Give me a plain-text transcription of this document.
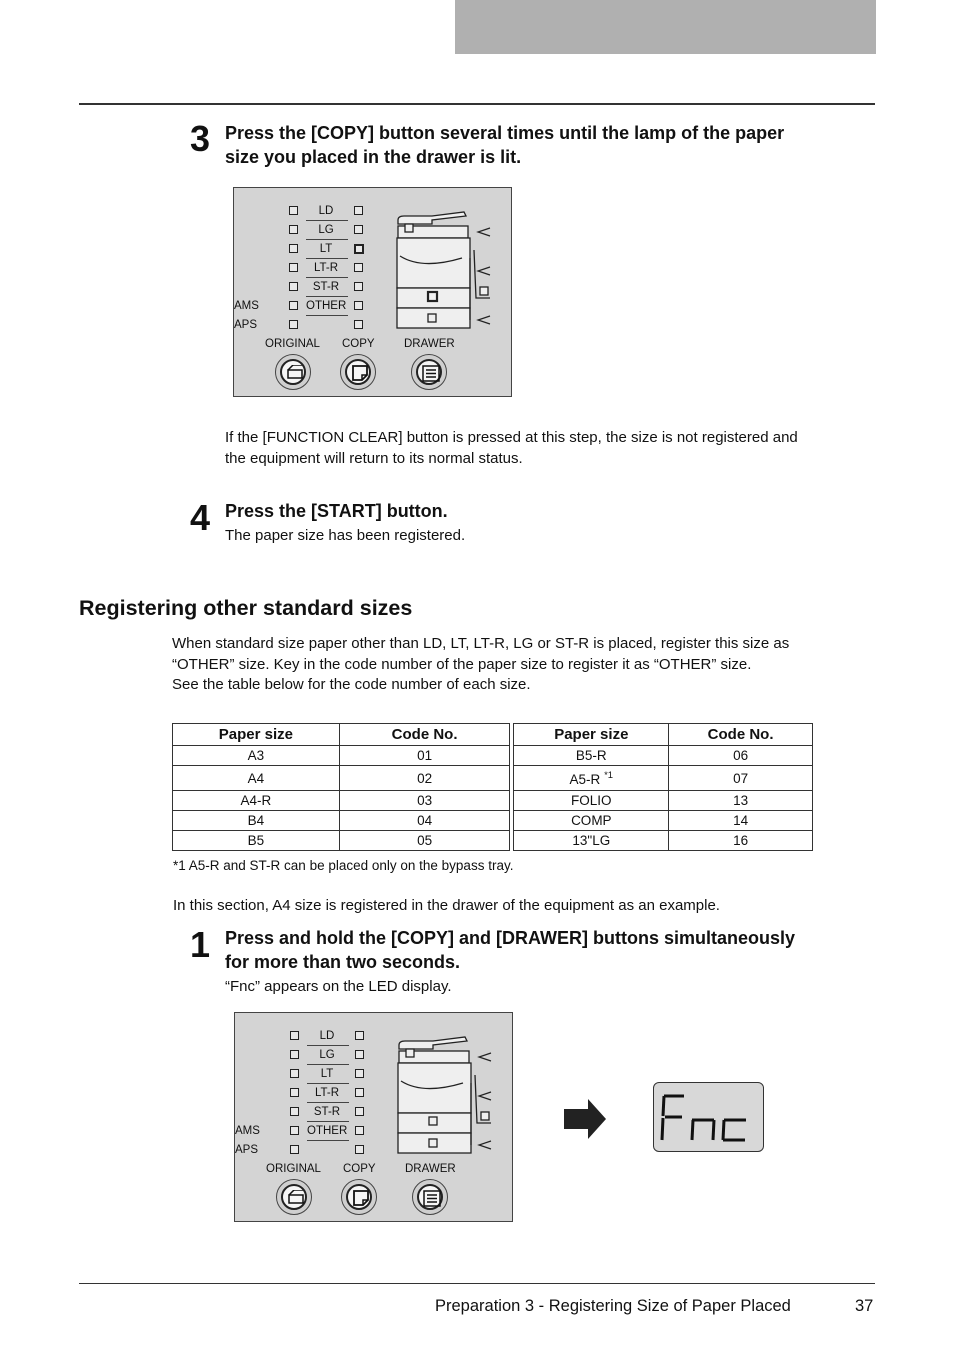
3 Press the [COPY] button several times until the lamp of the paper
size you placed in the drawer is lit.
LD
LG
LT
LT-R
ST-R
OTHER
AMS
APS
ORIGINAL COPY	DRAWER
If the [FUNCTION CLEAR] button is pressed at this step, the size is not registered and
the equipment will return to its normal status.
4 Press the [START] button.
The paper size has been registered.
Registering other standard sizes
When standard size paper other than LD, LT, LT-R, LG or ST-R is placed, register this size as
“OTHER” size. Key in the code number of the paper size to register it as “OTHER” size.
See the table below for the code number of each size.
Paper size	Code No.		Paper size	Code No.
A3	01		B5-R	06
A4	02		A5-R $^{*1}$	07
A4-R	03		FOLIO	13
B4	04		COMP	14
B5	05		13"LG	16
*1 A5-R and ST-R can be placed only on the bypass tray.
In this section, A4 size is registered in the drawer of the equipment as an example.
1 Press and hold the [COPY] and [DRAWER] buttons simultaneously
for more than two seconds.
“Fnc” appears on the LED display.
LD
LG
LT
LT-R
ST-R
OTHER
AMS
APS
ORIGINAL COPY	DRAWER
Preparation 3 - Registering Size of Paper Placed	37
